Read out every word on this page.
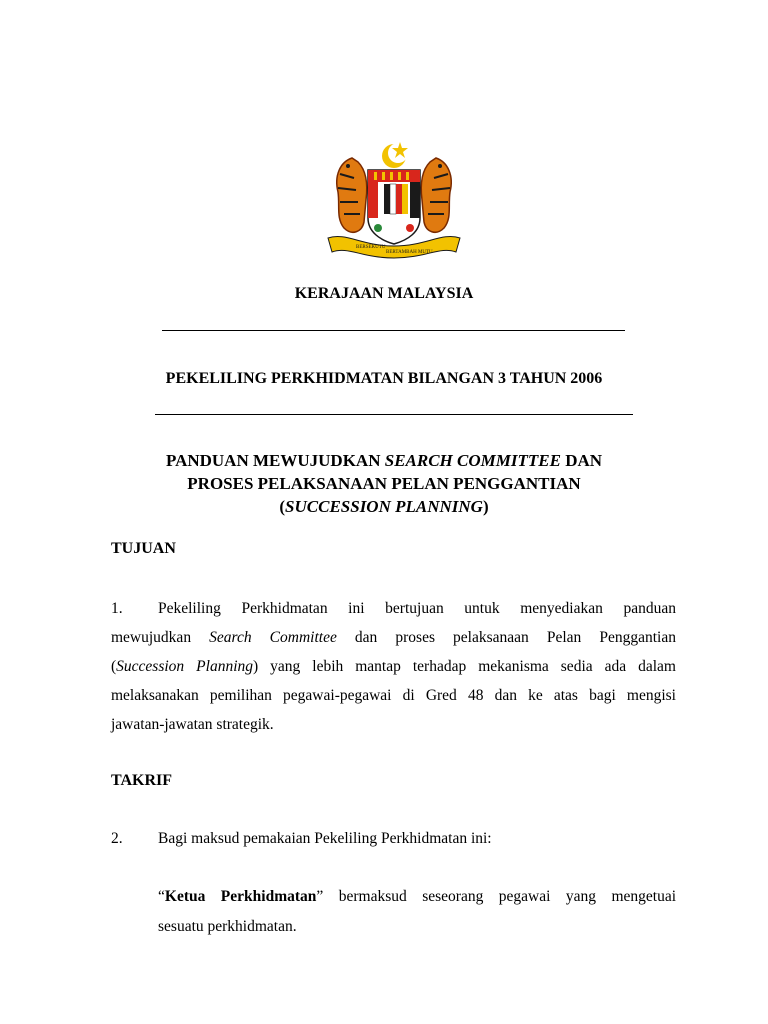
BERSEKUTU
BERTAMBAH MUTU
KERAJAAN MALAYSIA
PEKELILING PERKHIDMATAN BILANGAN 3 TAHUN 2006
PANDUAN MEWUJUDKAN SEARCH COMMITTEE DAN
PROSES PELAKSANAAN PELAN PENGGANTIAN
(SUCCESSION PLANNING)
TUJUAN
1. Pekeliling Perkhidmatan ini bertujuan untuk menyediakan panduan
mewujudkan Search Committee dan proses pelaksanaan Pelan Penggantian
(Succession Planning) yang lebih mantap terhadap mekanisma sedia ada dalam
melaksanakan pemilihan pegawai-pegawai di Gred 48 dan ke atas bagi mengisi
jawatan-jawatan strategik.
TAKRIF
2. Bagi maksud pemakaian Pekeliling Perkhidmatan ini:
“Ketua Perkhidmatan” bermaksud seseorang pegawai yang mengetuai
sesuatu perkhidmatan.
